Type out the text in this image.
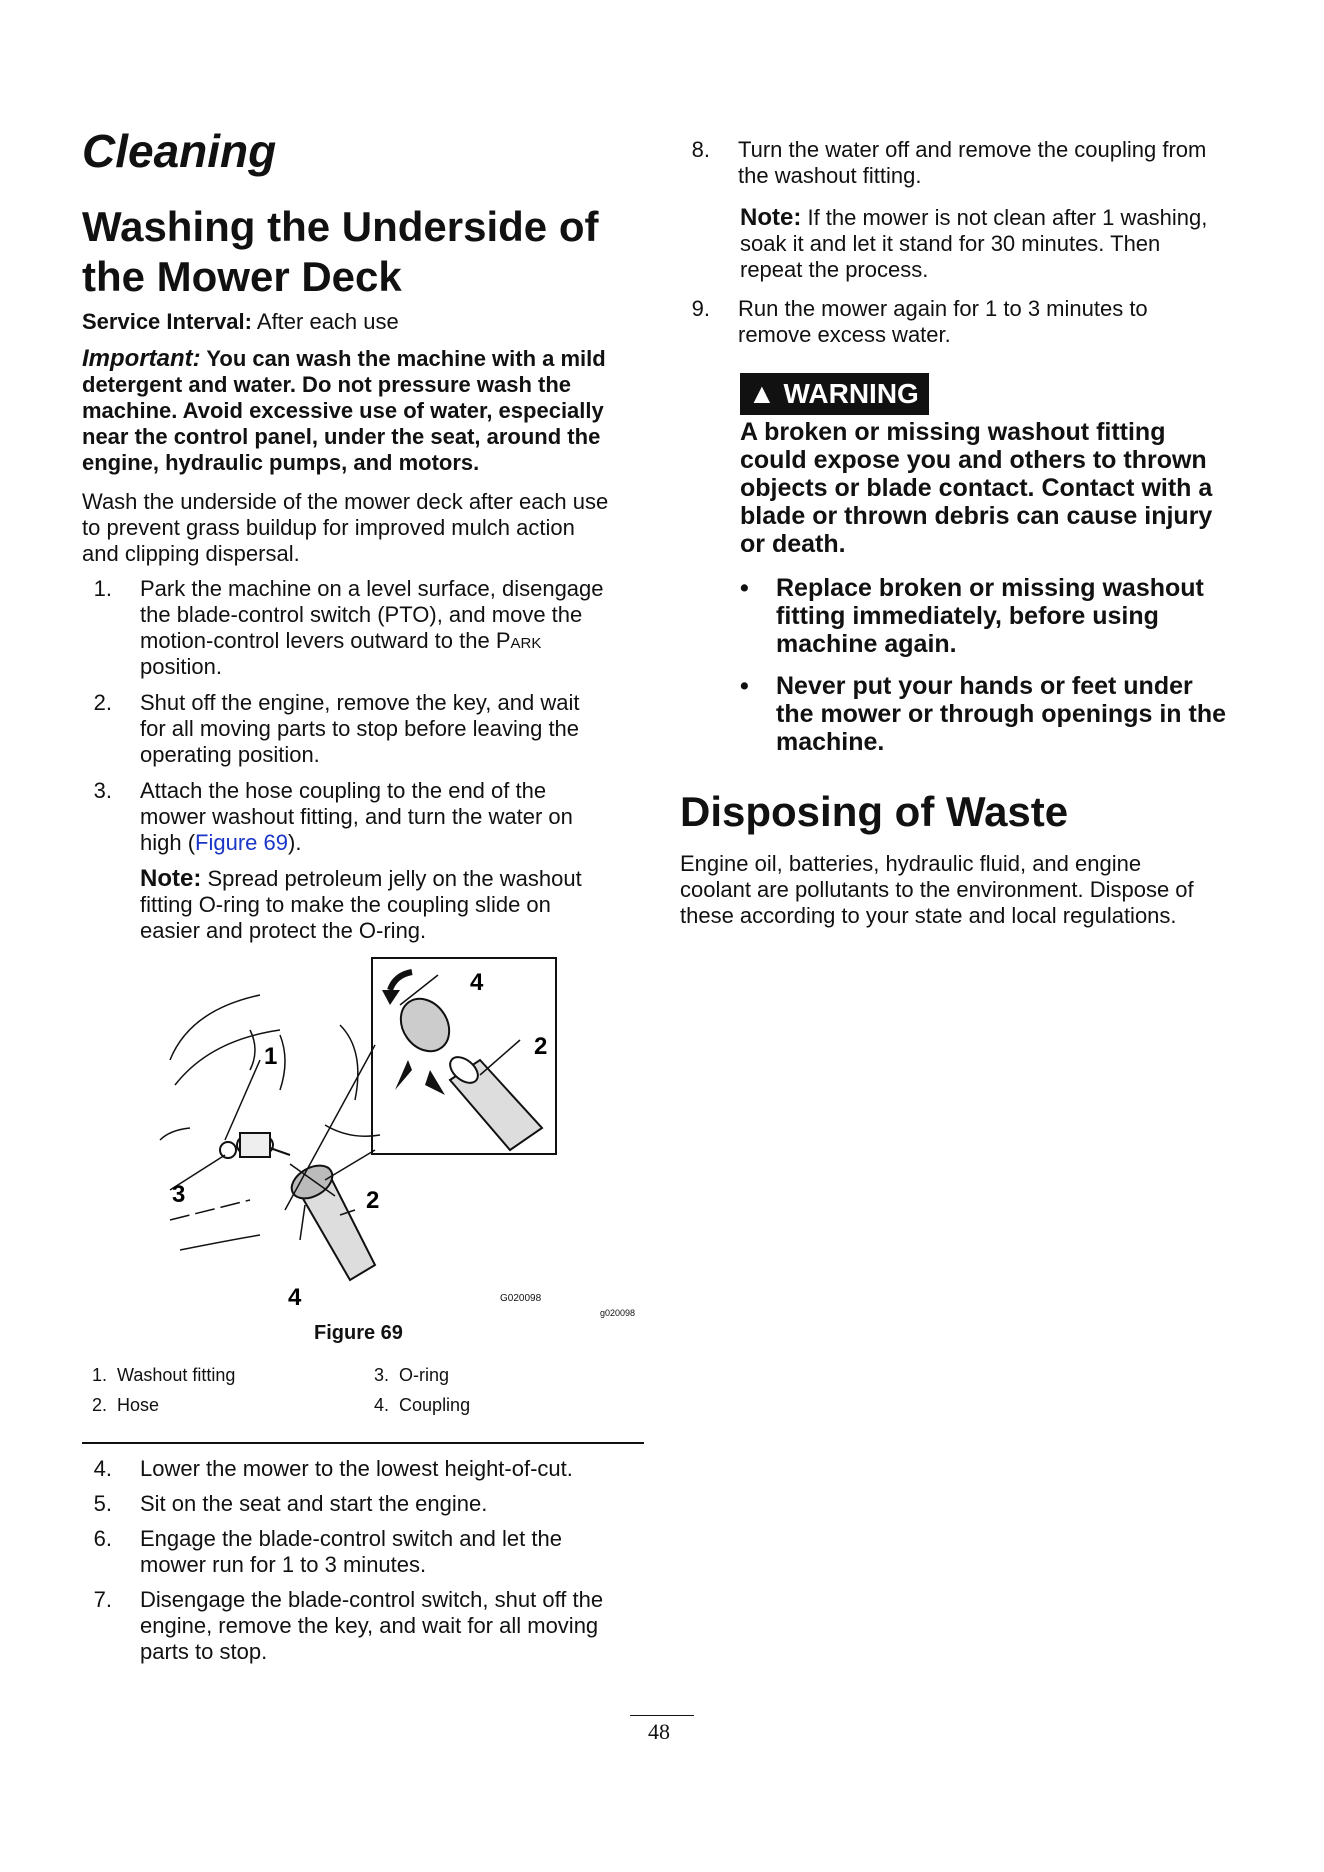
Cleaning
Washing the Underside of
the Mower Deck
Service Interval: After each use
Important: You can wash the machine with a mild
detergent and water. Do not pressure wash the
machine. Avoid excessive use of water, especially
near the control panel, under the seat, around the
engine, hydraulic pumps, and motors.
Wash the underside of the mower deck after each use
to prevent grass buildup for improved mulch action
and clipping dispersal.
1. Park the machine on a level surface, disengage
the blade-control switch (PTO), and move the
motion-control levers outward to the Park
position.
2. Shut off the engine, remove the key, and wait
for all moving parts to stop before leaving the
operating position.
3. Attach the hose coupling to the end of the
mower washout fitting, and turn the water on
high (Figure 69).
Note: Spread petroleum jelly on the washout
fitting O-ring to make the coupling slide on
easier and protect the O-ring.
1
2
3
4
4
2
G020098
g020098
Figure 69
1. Washout fitting
2. Hose
3. O-ring
4. Coupling
4. Lower the mower to the lowest height-of-cut.
5. Sit on the seat and start the engine.
6. Engage the blade-control switch and let the
mower run for 1 to 3 minutes.
7. Disengage the blade-control switch, shut off the
engine, remove the key, and wait for all moving
parts to stop.
8. Turn the water off and remove the coupling from
the washout fitting.
Note: If the mower is not clean after 1 washing,
soak it and let it stand for 30 minutes. Then
repeat the process.
9. Run the mower again for 1 to 3 minutes to
remove excess water.
▲ WARNING
A broken or missing washout fitting
could expose you and others to thrown
objects or blade contact. Contact with a
blade or thrown debris can cause injury
or death.
• Replace broken or missing washout
fitting immediately, before using
machine again.
• Never put your hands or feet under
the mower or through openings in the
machine.
Disposing of Waste
Engine oil, batteries, hydraulic fluid, and engine
coolant are pollutants to the environment. Dispose of
these according to your state and local regulations.
48
